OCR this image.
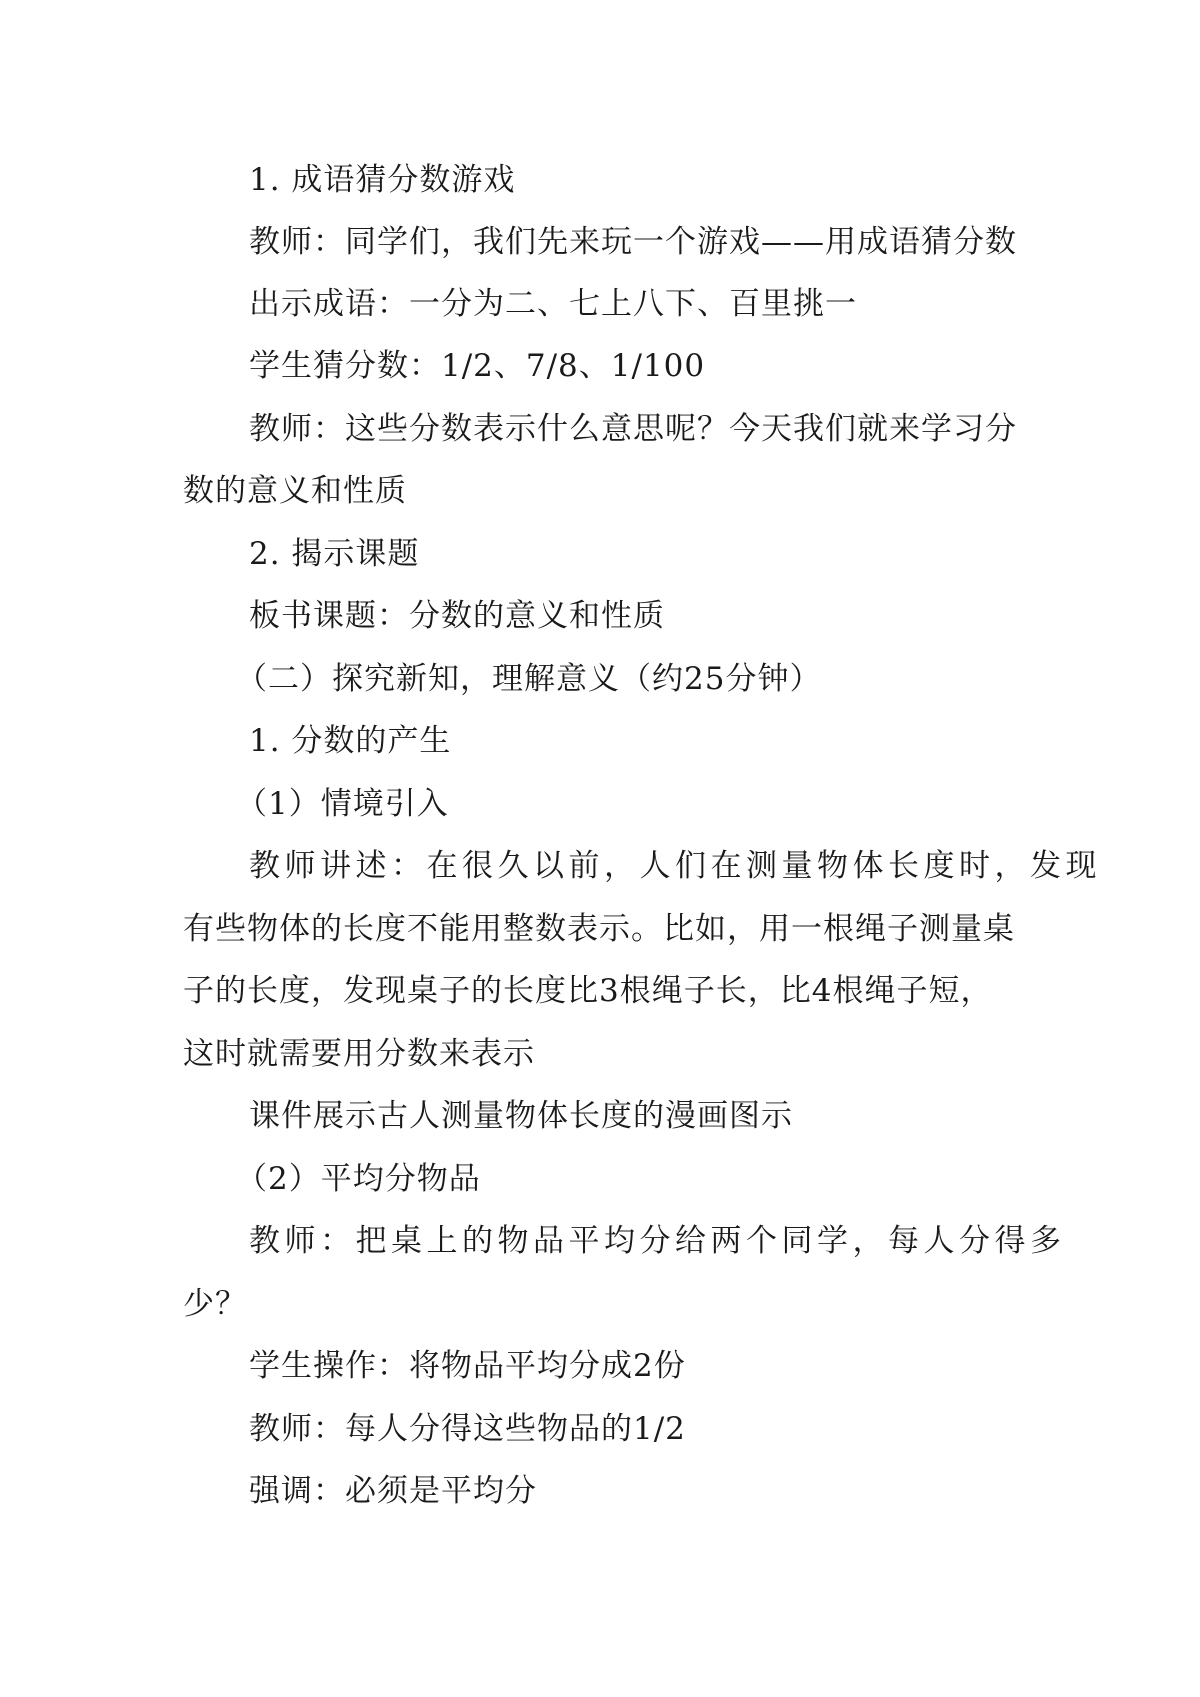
1. 成语猜分数游戏
教师：同学们，我们先来玩一个游戏——用成语猜分数
出示成语：一分为二、七上八下、百里挑一
学生猜分数：1/2、7/8、1/100
教师：这些分数表示什么意思呢？今天我们就来学习分
数的意义和性质
2. 揭示课题
板书课题：分数的意义和性质
（二）探究新知，理解意义（约25分钟）
1. 分数的产生
（1）情境引入
教师讲述：在很久以前，人们在测量物体长度时，发现
有些物体的长度不能用整数表示。比如，用一根绳子测量桌
子的长度，发现桌子的长度比3根绳子长，比4根绳子短，
这时就需要用分数来表示
课件展示古人测量物体长度的漫画图示
（2）平均分物品
教师：把桌上的物品平均分给两个同学，每人分得多
少？
学生操作：将物品平均分成2份
教师：每人分得这些物品的1/2
强调：必须是平均分
